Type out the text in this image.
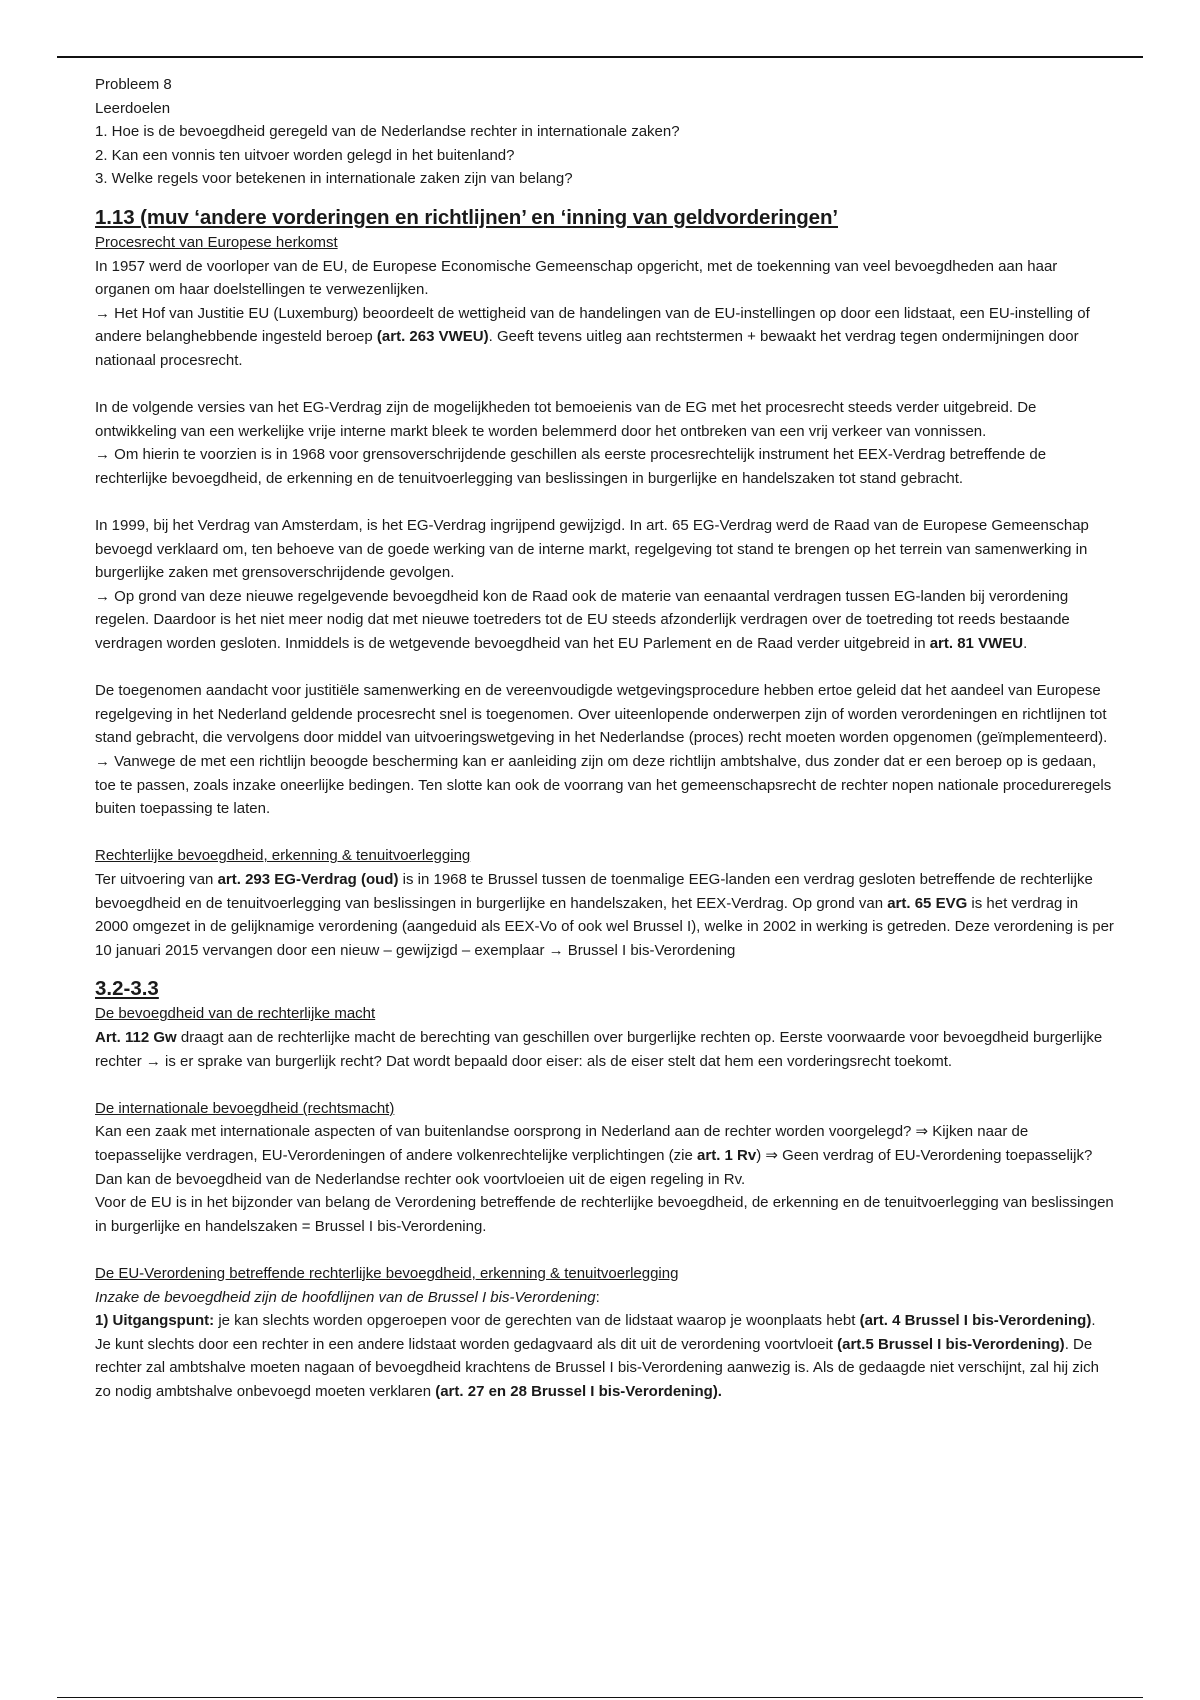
Probleem 8
Leerdoelen
1. Hoe is de bevoegdheid geregeld van de Nederlandse rechter in internationale zaken?
2. Kan een vonnis ten uitvoer worden gelegd in het buitenland?
3. Welke regels voor betekenen in internationale zaken zijn van belang?
1.13 (muv ‘andere vorderingen en richtlijnen’ en ‘inning van geldvorderingen’
Procesrecht van Europese herkomst
In 1957 werd de voorloper van de EU, de Europese Economische Gemeenschap opgericht, met de toekenning van veel bevoegdheden aan haar organen om haar doelstellingen te verwezenlijken.
→ Het Hof van Justitie EU (Luxemburg) beoordeelt de wettigheid van de handelingen van de EU-instellingen op door een lidstaat, een EU-instelling of andere belanghebbende ingesteld beroep (art. 263 VWEU). Geeft tevens uitleg aan rechtstermen + bewaakt het verdrag tegen ondermijningen door nationaal procesrecht.
In de volgende versies van het EG-Verdrag zijn de mogelijkheden tot bemoeienis van de EG met het procesrecht steeds verder uitgebreid. De ontwikkeling van een werkelijke vrije interne markt bleek te worden belemmerd door het ontbreken van een vrij verkeer van vonnissen.
→ Om hierin te voorzien is in 1968 voor grensoverschrijdende geschillen als eerste procesrechtelijk instrument het EEX-Verdrag betreffende de rechterlijke bevoegdheid, de erkenning en de tenuitvoerlegging van beslissingen in burgerlijke en handelszaken tot stand gebracht.
In 1999, bij het Verdrag van Amsterdam, is het EG-Verdrag ingrijpend gewijzigd. In art. 65 EG-Verdrag werd de Raad van de Europese Gemeenschap bevoegd verklaard om, ten behoeve van de goede werking van de interne markt, regelgeving tot stand te brengen op het terrein van samenwerking in burgerlijke zaken met grensoverschrijdende gevolgen.
→ Op grond van deze nieuwe regelgevende bevoegdheid kon de Raad ook de materie van eenaantal verdragen tussen EG-landen bij verordening regelen. Daardoor is het niet meer nodig dat met nieuwe toetreders tot de EU steeds afzonderlijk verdragen over de toetreding tot reeds bestaande verdragen worden gesloten. Inmiddels is de wetgevende bevoegdheid van het EU Parlement en de Raad verder uitgebreid in art. 81 VWEU.
De toegenomen aandacht voor justitiële samenwerking en de vereenvoudigde wetgevingsprocedure hebben ertoe geleid dat het aandeel van Europese regelgeving in het Nederland geldende procesrecht snel is toegenomen. Over uiteenlopende onderwerpen zijn of worden verordeningen en richtlijnen tot stand gebracht, die vervolgens door middel van uitvoeringswetgeving in het Nederlandse (proces) recht moeten worden opgenomen (geïmplementeerd).
→ Vanwege de met een richtlijn beoogde bescherming kan er aanleiding zijn om deze richtlijn ambtshalve, dus zonder dat er een beroep op is gedaan, toe te passen, zoals inzake oneerlijke bedingen. Ten slotte kan ook de voorrang van het gemeenschapsrecht de rechter nopen nationale procedureregels buiten toepassing te laten.
Rechterlijke bevoegdheid, erkenning & tenuitvoerlegging
Ter uitvoering van art. 293 EG-Verdrag (oud) is in 1968 te Brussel tussen de toenmalige EEG-landen een verdrag gesloten betreffende de rechterlijke bevoegdheid en de tenuitvoerlegging van beslissingen in burgerlijke en handelszaken, het EEX-Verdrag. Op grond van art. 65 EVG is het verdrag in 2000 omgezet in de gelijknamige verordening (aangeduid als EEX-Vo of ook wel Brussel I), welke in 2002 in werking is getreden. Deze verordening is per 10 januari 2015 vervangen door een nieuw – gewijzigd – exemplaar → Brussel I bis-Verordening
3.2-3.3
De bevoegdheid van de rechterlijke macht
Art. 112 Gw draagt aan de rechterlijke macht de berechting van geschillen over burgerlijke rechten op. Eerste voorwaarde voor bevoegdheid burgerlijke rechter → is er sprake van burgerlijk recht? Dat wordt bepaald door eiser: als de eiser stelt dat hem een vorderingsrecht toekomt.
De internationale bevoegdheid (rechtsmacht)
Kan een zaak met internationale aspecten of van buitenlandse oorsprong in Nederland aan de rechter worden voorgelegd? ⇒ Kijken naar de toepasselijke verdragen, EU-Verordeningen of andere volkenrechtelijke verplichtingen (zie art. 1 Rv) ⇒ Geen verdrag of EU-Verordening toepasselijk? Dan kan de bevoegdheid van de Nederlandse rechter ook voortvloeien uit de eigen regeling in Rv.
Voor de EU is in het bijzonder van belang de Verordening betreffende de rechterlijke bevoegdheid, de erkenning en de tenuitvoerlegging van beslissingen in burgerlijke en handelszaken = Brussel I bis-Verordening.
De EU-Verordening betreffende rechterlijke bevoegdheid, erkenning & tenuitvoerlegging
Inzake de bevoegdheid zijn de hoofdlijnen van de Brussel I bis-Verordening:
1) Uitgangspunt: je kan slechts worden opgeroepen voor de gerechten van de lidstaat waarop je woonplaats hebt (art. 4 Brussel I bis-Verordening). Je kunt slechts door een rechter in een andere lidstaat worden gedagvaard als dit uit de verordening voortvloeit (art.5 Brussel I bis-Verordening). De rechter zal ambtshalve moeten nagaan of bevoegdheid krachtens de Brussel I bis-Verordening aanwezig is. Als de gedaagde niet verschijnt, zal hij zich zo nodig ambtshalve onbevoegd moeten verklaren (art. 27 en 28 Brussel I bis-Verordening).
